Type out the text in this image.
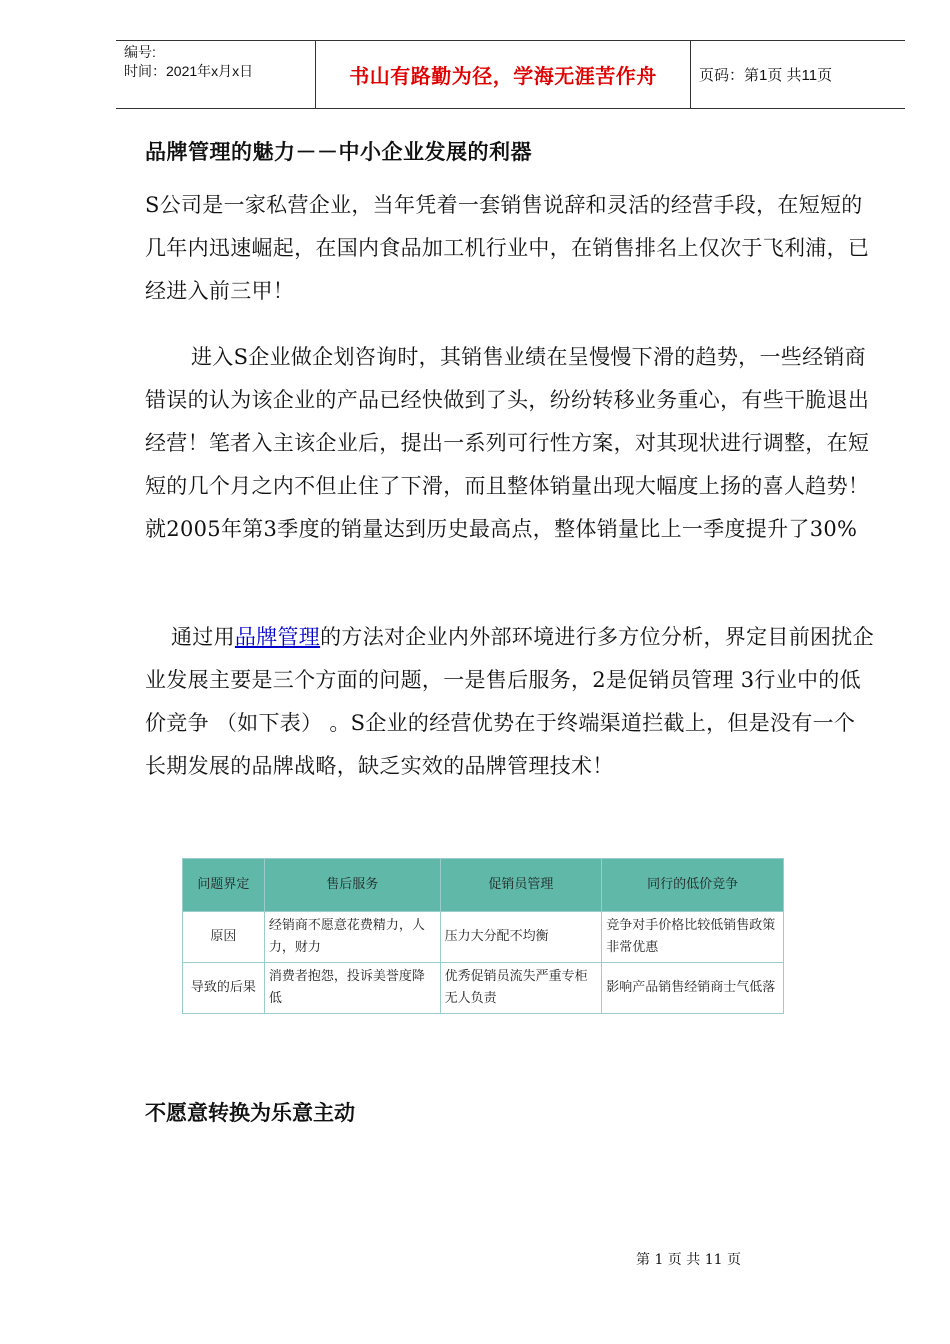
编号:
时间：2021年x月x日	书山有路勤为径，学海无涯苦作舟	页码：第1页 共11页
品牌管理的魅力－－中小企业发展的利器

S公司是一家私营企业，当年凭着一套销售说辞和灵活的经营手段，在短短的几年内迅速崛起，在国内食品加工机行业中，在销售排名上仅次于飞利浦，已经进入前三甲！

进入S企业做企划咨询时，其销售业绩在呈慢慢下滑的趋势，一些经销商错误的认为该企业的产品已经快做到了头，纷纷转移业务重心，有些干脆退出经营！笔者入主该企业后，提出一系列可行性方案，对其现状进行调整，在短短的几个月之内不但止住了下滑，而且整体销量出现大幅度上扬的喜人趋势！就2005年第3季度的销量达到历史最高点，整体销量比上一季度提升了30%

通过用品牌管理的方法对企业内外部环境进行多方位分析，界定目前困扰企业发展主要是三个方面的问题，一是售后服务，2是促销员管理 3行业中的低价竞争 （如下表） 。S企业的经营优势在于终端渠道拦截上，但是没有一个长期发展的品牌战略，缺乏实效的品牌管理技术！

问题界定	售后服务	促销员管理	同行的低价竞争
原因	经销商不愿意花费精力，人力，财力	压力大分配不均衡	竞争对手价格比较低销售政策非常优惠
导致的后果	消费者抱怨，投诉美誉度降低	优秀促销员流失严重专柜无人负责	影响产品销售经销商士气低落
不愿意转换为乐意主动
第 1 页 共 11 页
